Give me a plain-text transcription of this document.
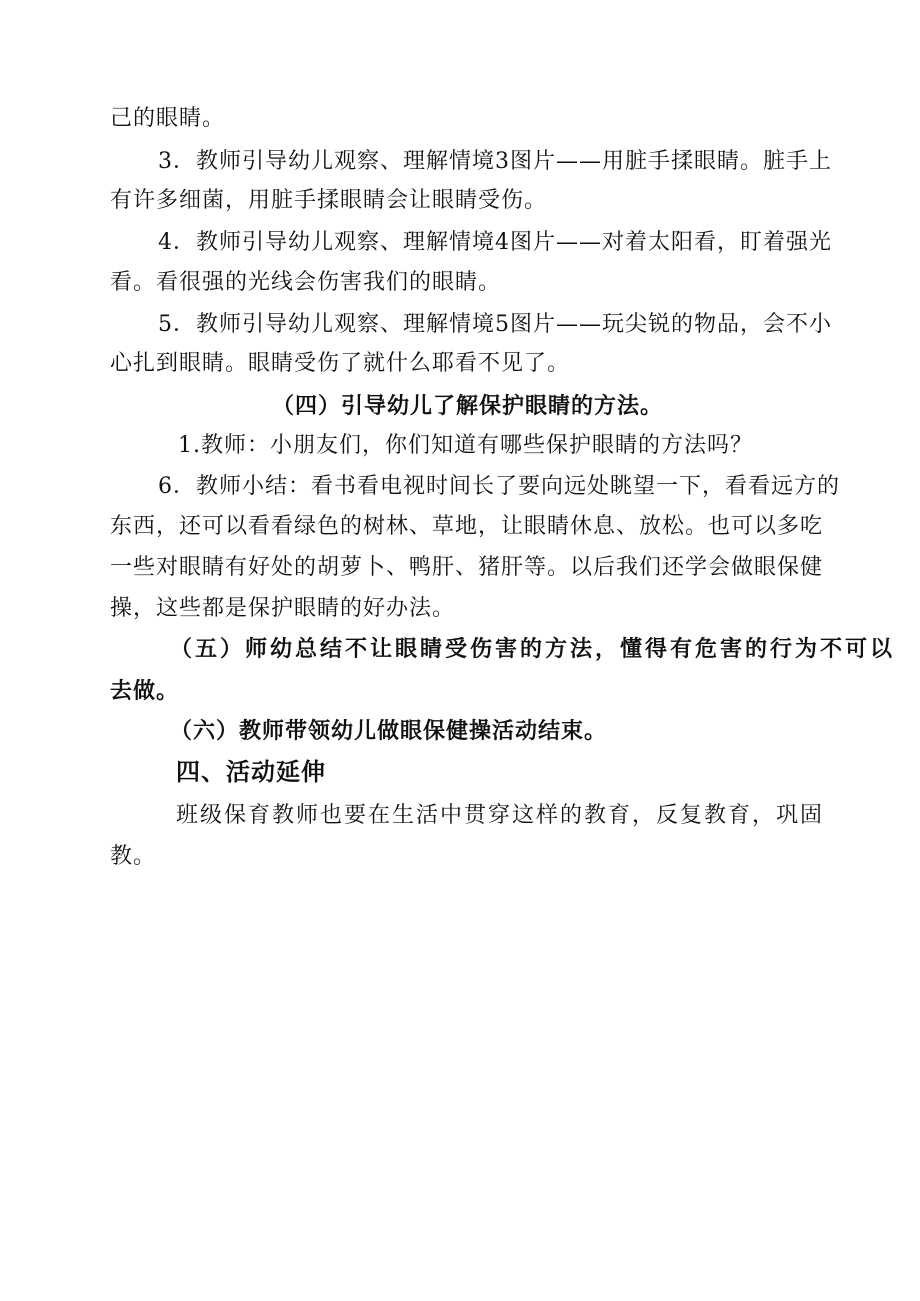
己的眼睛。
3．教师引导幼儿观察、理解情境3图片——用脏手揉眼睛。脏手上
有许多细菌，用脏手揉眼睛会让眼睛受伤。
4．教师引导幼儿观察、理解情境4图片——对着太阳看，盯着强光
看。看很强的光线会伤害我们的眼睛。
5．教师引导幼儿观察、理解情境5图片——玩尖锐的物品，会不小
心扎到眼睛。眼睛受伤了就什么耶看不见了。
（四）引导幼儿了解保护眼睛的方法。
1.教师：小朋友们，你们知道有哪些保护眼睛的方法吗？
6．教师小结：看书看电视时间长了要向远处眺望一下，看看远方的
东西，还可以看看绿色的树林、草地，让眼睛休息、放松。也可以多吃
一些对眼睛有好处的胡萝卜、鸭肝、猪肝等。以后我们还学会做眼保健
操，这些都是保护眼睛的好办法。
（五）师幼总结不让眼睛受伤害的方法，懂得有危害的行为不可以
去做。
（六）教师带领幼儿做眼保健操活动结束。
四、活动延伸
班级保育教师也要在生活中贯穿这样的教育，反复教育，巩固
教。
